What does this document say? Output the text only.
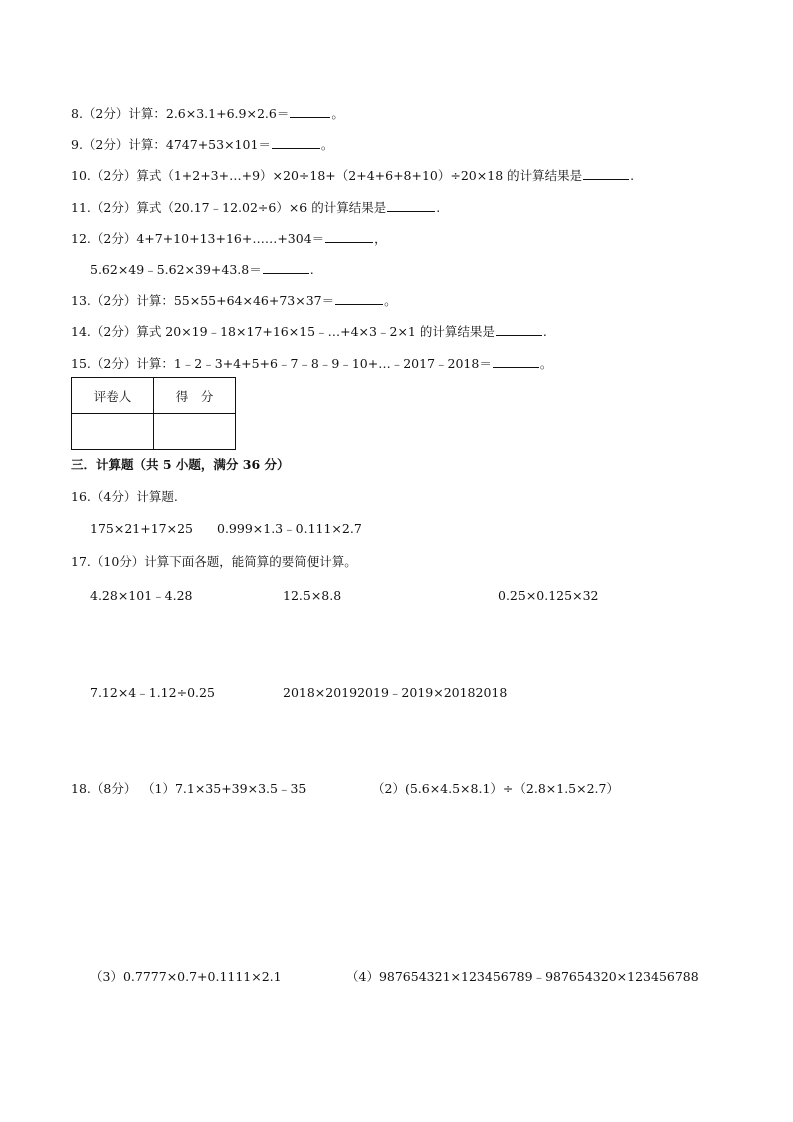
8.（2分）计算：2.6×3.1+6.9×2.6＝	。
9.（2分）计算：4747+53×101＝	。
10.（2分）算式（1+2+3+…+9）×20÷18+（2+4+6+8+10）÷20×18 的计算结果是	.
11.（2分）算式（20.17﹣12.02÷6）×6 的计算结果是	.
12.（2分）4+7+10+13+16+……+304＝	，
5.62×49﹣5.62×39+43.8＝	.
13.（2分）计算：55×55+64×46+73×37＝	。
14.（2分）算式 20×19﹣18×17+16×15﹣…+4×3﹣2×1 的计算结果是	.
15.（2分）计算：1﹣2﹣3+4+5+6﹣7﹣8﹣9﹣10+…﹣2017﹣2018＝	。
评卷人	得　分

三．计算题（共 5 小题，满分 36 分）
16.（4分）计算题.
175×21+17×25 0.999×1.3﹣0.111×2.7
17.（10分）计算下面各题，能简算的要简便计算。
4.28×101﹣4.28	12.5×8.8	0.25×0.125×32
7.12×4﹣1.12÷0.25	2018×20192019﹣2019×20182018
18.（8分） （1）7.1×35+39×3.5﹣35	（2）(5.6×4.5×8.1）÷（2.8×1.5×2.7）
（3）0.7777×0.7+0.1111×2.1	（4）987654321×123456789﹣987654320×123456788
